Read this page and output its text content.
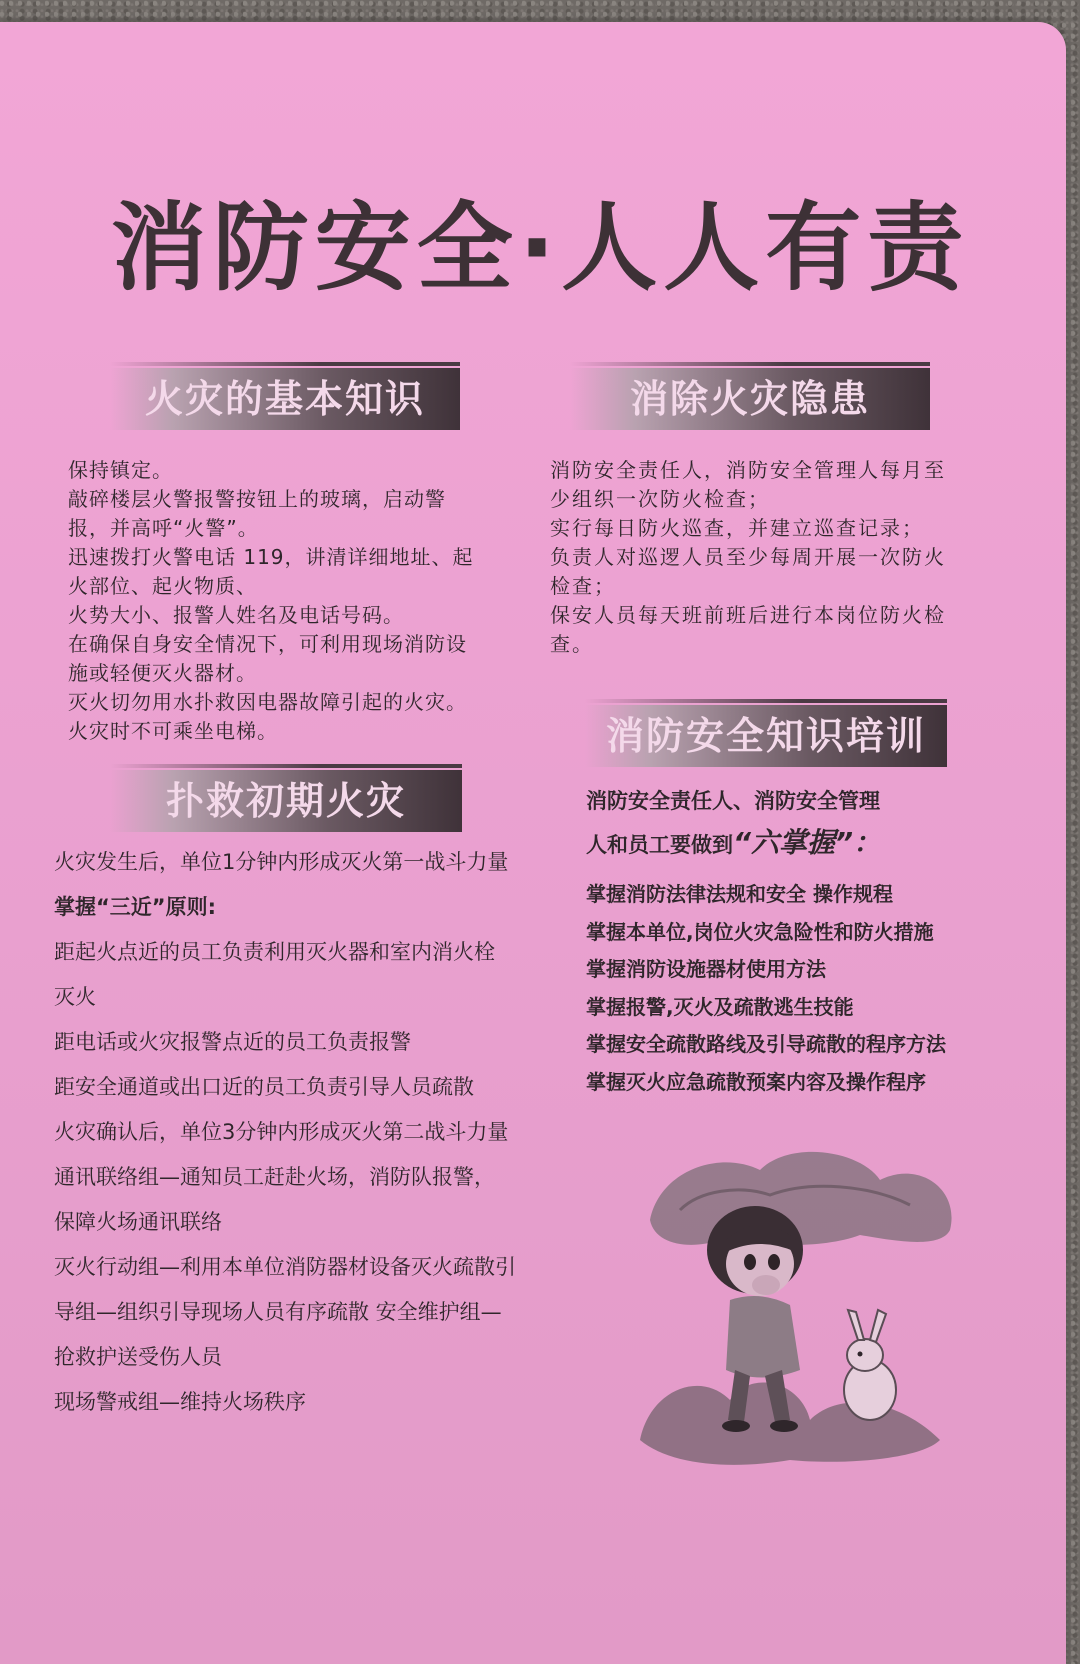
消防安全·人人有责
火灾的基本知识	消除火灾隐患
扑救初期火灾
消防安全知识培训

保持镇定。

敲碎楼层火警报警按钮上的玻璃，启动警

报，并高呼“火警”。

迅速拨打火警电话 119，讲清详细地址、起

火部位、起火物质、

火势大小、报警人姓名及电话号码。

在确保自身安全情况下，可利用现场消防设

施或轻便灭火器材。

灭火切勿用水扑救因电器故障引起的火灾。

火灾时不可乘坐电梯。

消防安全责任人，消防安全管理人每月至

少组织一次防火检查；

实行每日防火巡查，并建立巡查记录；

负责人对巡逻人员至少每周开展一次防火

检查；

保安人员每天班前班后进行本岗位防火检

查。

火灾发生后，单位1分钟内形成灭火第一战斗力量

掌握“三近”原则:

距起火点近的员工负责利用灭火器和室内消火栓

灭火

距电话或火灾报警点近的员工负责报警

距安全通道或出口近的员工负责引导人员疏散

火灾确认后，单位3分钟内形成灭火第二战斗力量

通讯联络组—通知员工赶赴火场，消防队报警，

保障火场通讯联络

灭火行动组—利用本单位消防器材设备灭火疏散引

导组—组织引导现场人员有序疏散 安全维护组—

抢救护送受伤人员

现场警戒组—维持火场秩序

消防安全责任人、消防安全管理

人和员工要做到“六掌握”：

掌握消防法律法规和安全 操作规程

掌握本单位,岗位火灾急险性和防火措施

掌握消防设施器材使用方法

掌握报警,灭火及疏散逃生技能

掌握安全疏散路线及引导疏散的程序方法

掌握灭火应急疏散预案内容及操作程序
